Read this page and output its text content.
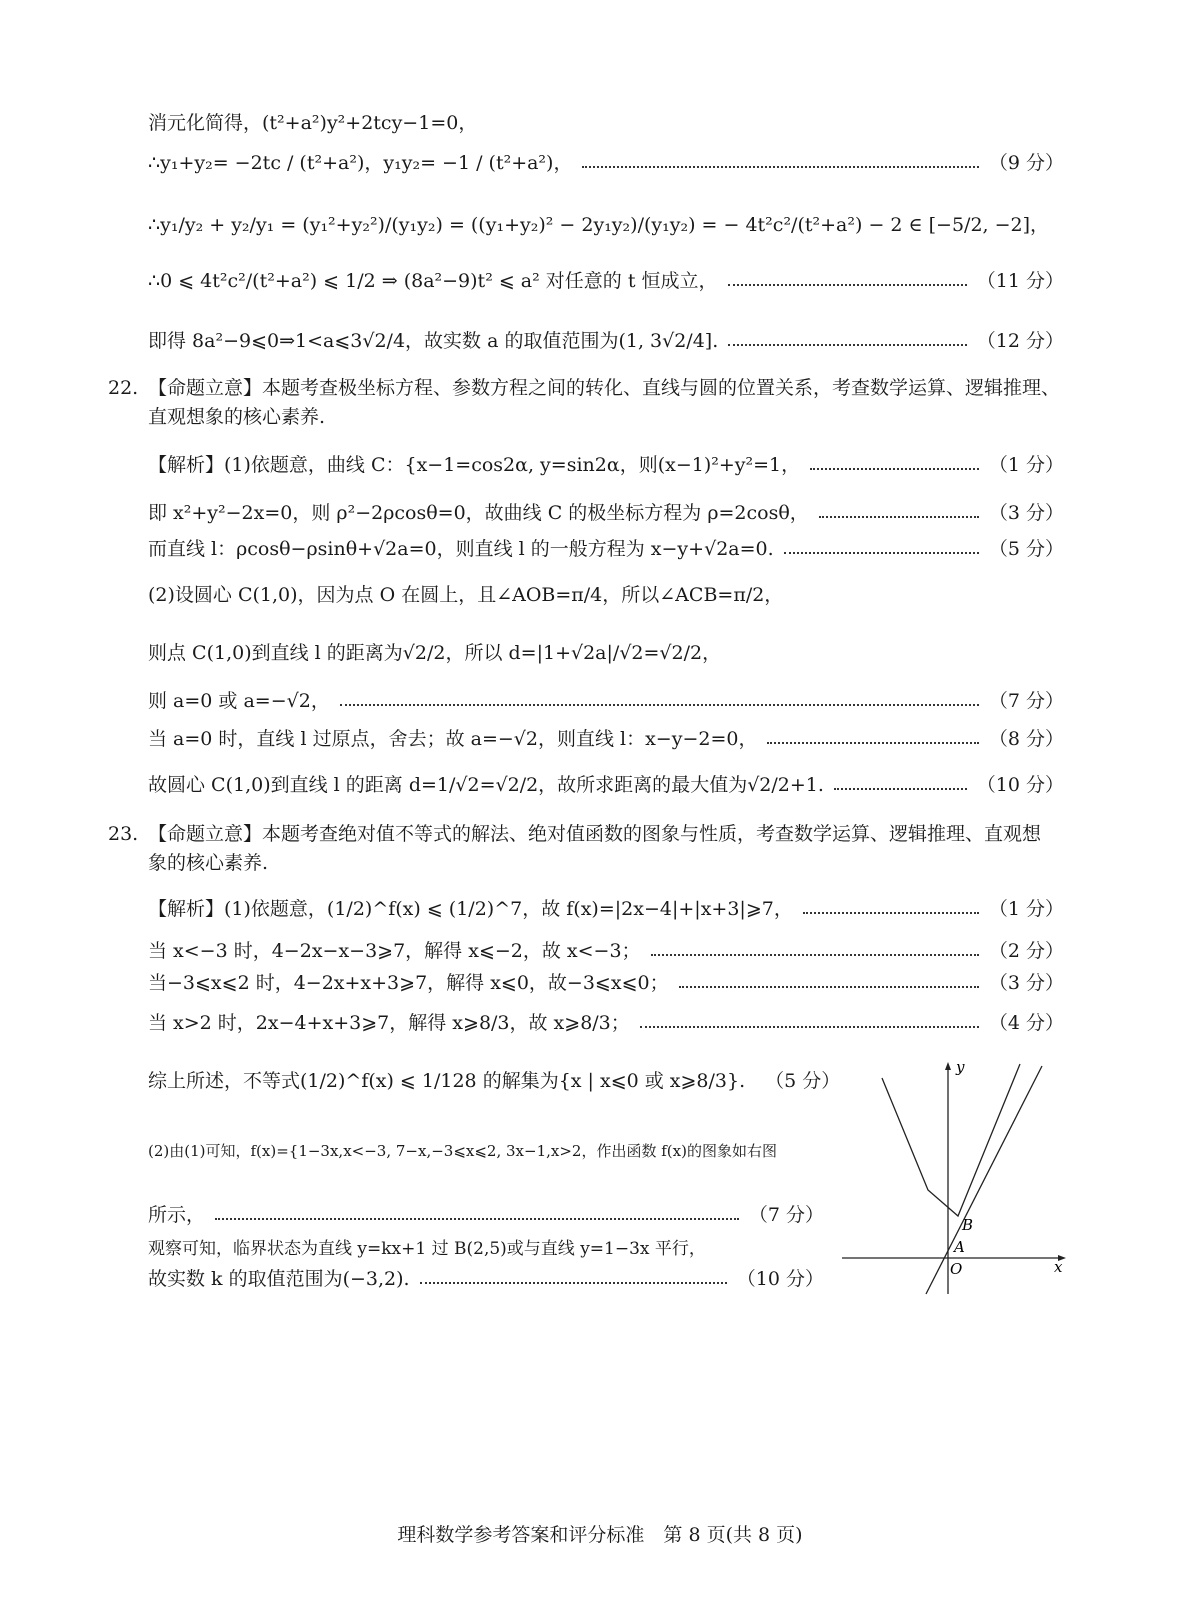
消元化简得，(t²+a²)y²+2tcy−1=0，
∴y₁+y₂= −2tc / (t²+a²)，y₁y₂= −1 / (t²+a²)，	（9 分）
∴y₁/y₂ + y₂/y₁ = (y₁²+y₂²)/(y₁y₂) = ((y₁+y₂)² − 2y₁y₂)/(y₁y₂) = − 4t²c²/(t²+a²) − 2 ∈ [−5/2, −2]，
∴0 ⩽ 4t²c²/(t²+a²) ⩽ 1/2 ⇒ (8a²−9)t² ⩽ a² 对任意的 t 恒成立，	（11 分）
即得 8a²−9⩽0⇒1<a⩽3√2/4，故实数 a 的取值范围为(1, 3√2/4].	（12 分）
22. 【命题立意】本题考查极坐标方程、参数方程之间的转化、直线与圆的位置关系，考查数学运算、逻辑推理、
直观想象的核心素养.
【解析】(1)依题意，曲线 C：{x−1=cos2α, y=sin2α，则(x−1)²+y²=1，	（1 分）
即 x²+y²−2x=0，则 ρ²−2ρcosθ=0，故曲线 C 的极坐标方程为 ρ=2cosθ，	（3 分）
而直线 l：ρcosθ−ρsinθ+√2a=0，则直线 l 的一般方程为 x−y+√2a=0.	（5 分）
(2)设圆心 C(1,0)，因为点 O 在圆上，且∠AOB=π/4，所以∠ACB=π/2，
则点 C(1,0)到直线 l 的距离为√2/2，所以 d=|1+√2a|/√2=√2/2，
则 a=0 或 a=−√2，	（7 分）
当 a=0 时，直线 l 过原点，舍去；故 a=−√2，则直线 l：x−y−2=0，	（8 分）
故圆心 C(1,0)到直线 l 的距离 d=1/√2=√2/2，故所求距离的最大值为√2/2+1.	（10 分）
23. 【命题立意】本题考查绝对值不等式的解法、绝对值函数的图象与性质，考查数学运算、逻辑推理、直观想
象的核心素养.
【解析】(1)依题意，(1/2)^f(x) ⩽ (1/2)^7，故 f(x)=|2x−4|+|x+3|⩾7，	（1 分）
当 x<−3 时，4−2x−x−3⩾7，解得 x⩽−2，故 x<−3；	（2 分）
当−3⩽x⩽2 时，4−2x+x+3⩾7，解得 x⩽0，故−3⩽x⩽0；	（3 分）
当 x>2 时，2x−4+x+3⩾7，解得 x⩾8/3，故 x⩾8/3；	（4 分）
综上所述，不等式(1/2)^f(x) ⩽ 1/128 的解集为{x | x⩽0 或 x⩾8/3}. （5 分）
(2)由(1)可知，f(x)={1−3x,x<−3, 7−x,−3⩽x⩽2, 3x−1,x>2，作出函数 f(x)的图象如右图
所示，	（7 分）
观察可知，临界状态为直线 y=kx+1 过 B(2,5)或与直线 y=1−3x 平行，
故实数 k 的取值范围为(−3,2).	（10 分）
y
x
B
A
O
理科数学参考答案和评分标准　第 8 页(共 8 页)
